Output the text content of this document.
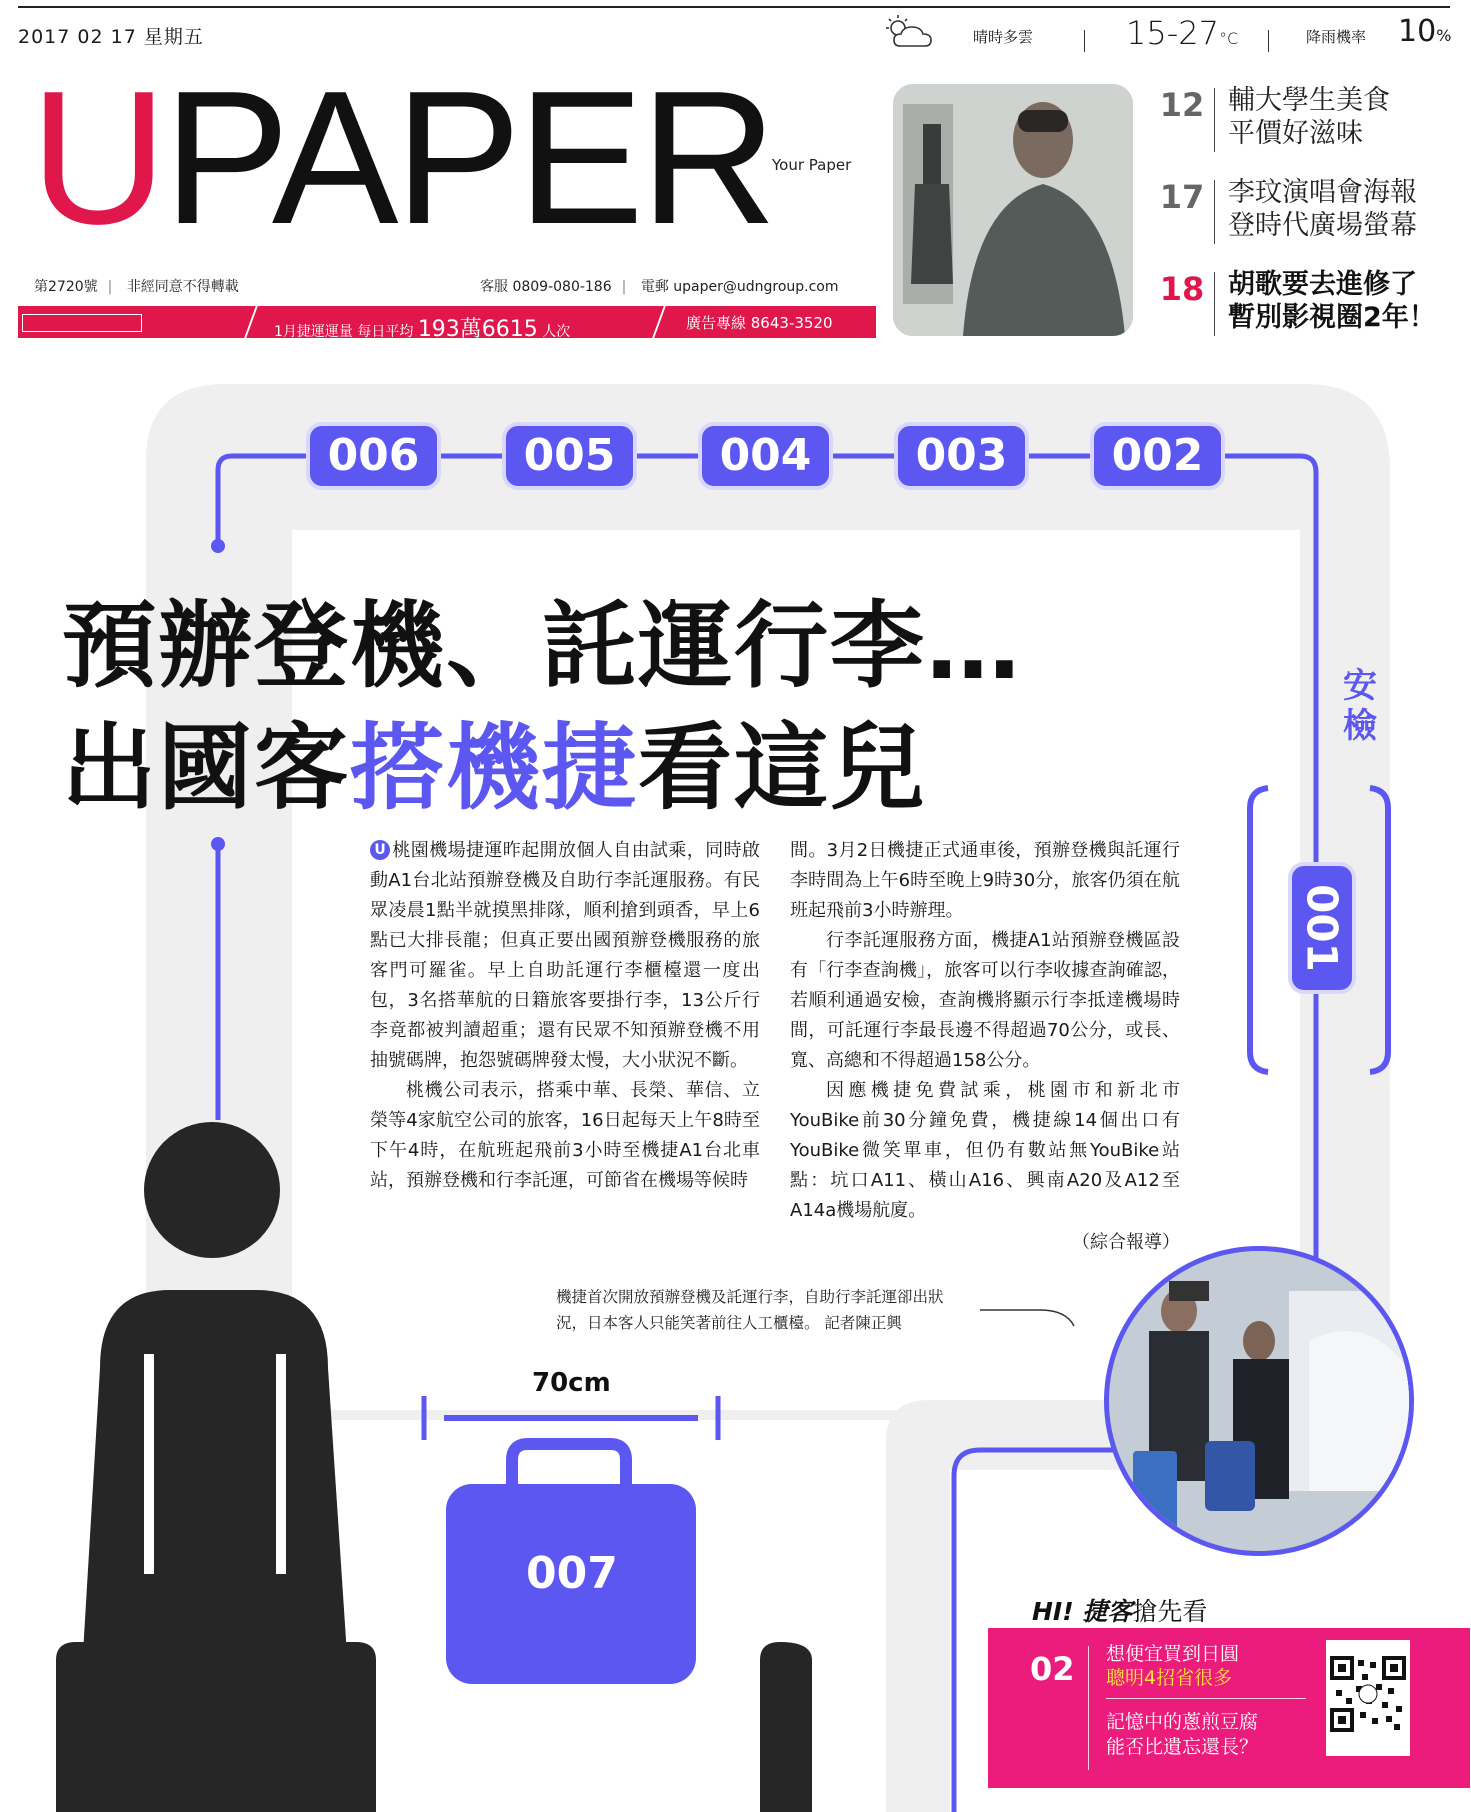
2017 02 17 星期五	晴時多雲	15-27°C	降雨機率 10%
UPAPER
Your Paper
第2720號 | 非經同意不得轉載	客服 0809-080-186 | 電郵 upaper@udngroup.com
1月捷運運量 每日平均 193萬6615 人次	廣告專線 8643-3520
12 輔大學生美食
平價好滋味
17 李玟演唱會海報
登時代廣場螢幕
18 胡歌要去進修了
暫別影視圈2年！
006	005	004	003	002
安檢
001
預辦登機、託運行李…
出國客搭機捷看這兒

U 桃園機場捷運昨起開放個人自由試乘，同時啟動A1台北站預辦登機及自助行李託運服務。有民眾凌晨1點半就摸黑排隊，順利搶到頭香，早上6點已大排長龍；但真正要出國預辦登機服務的旅客門可羅雀。早上自助託運行李櫃檯還一度出包，3名搭華航的日籍旅客要掛行李，13公斤行李竟都被判讀超重；還有民眾不知預辦登機不用抽號碼牌，抱怨號碼牌發太慢，大小狀況不斷。

桃機公司表示，搭乘中華、長榮、華信、立榮等4家航空公司的旅客，16日起每天上午8時至下午4時，在航班起飛前3小時至機捷A1台北車站，預辦登機和行李託運，可節省在機場等候時

間。3月2日機捷正式通車後，預辦登機與託運行李時間為上午6時至晚上9時30分，旅客仍須在航班起飛前3小時辦理。

行李託運服務方面，機捷A1站預辦登機區設有「行李查詢機」，旅客可以行李收據查詢確認，若順利通過安檢，查詢機將顯示行李抵達機場時間，可託運行李最長邊不得超過70公分，或長、寬、高總和不得超過158公分。

因應機捷免費試乘，桃園市和新北市YouBike前30分鐘免費，機捷線14個出口有YouBike微笑單車，但仍有數站無YouBike站點：坑口A11、橫山A16、興南A20及A12至A14a機場航廈。

（綜合報導）
機捷首次開放預辦登機及託運行李，自助行李託運卻出狀況，日本客人只能笑著前往人工櫃檯。 記者陳正興
70cm
007
am 6 :00- pm9:30
HI! 捷客搶先看
02 想便宜買到日圓
聰明4招省很多
記憶中的蔥煎豆腐
能否比遺忘還長？
